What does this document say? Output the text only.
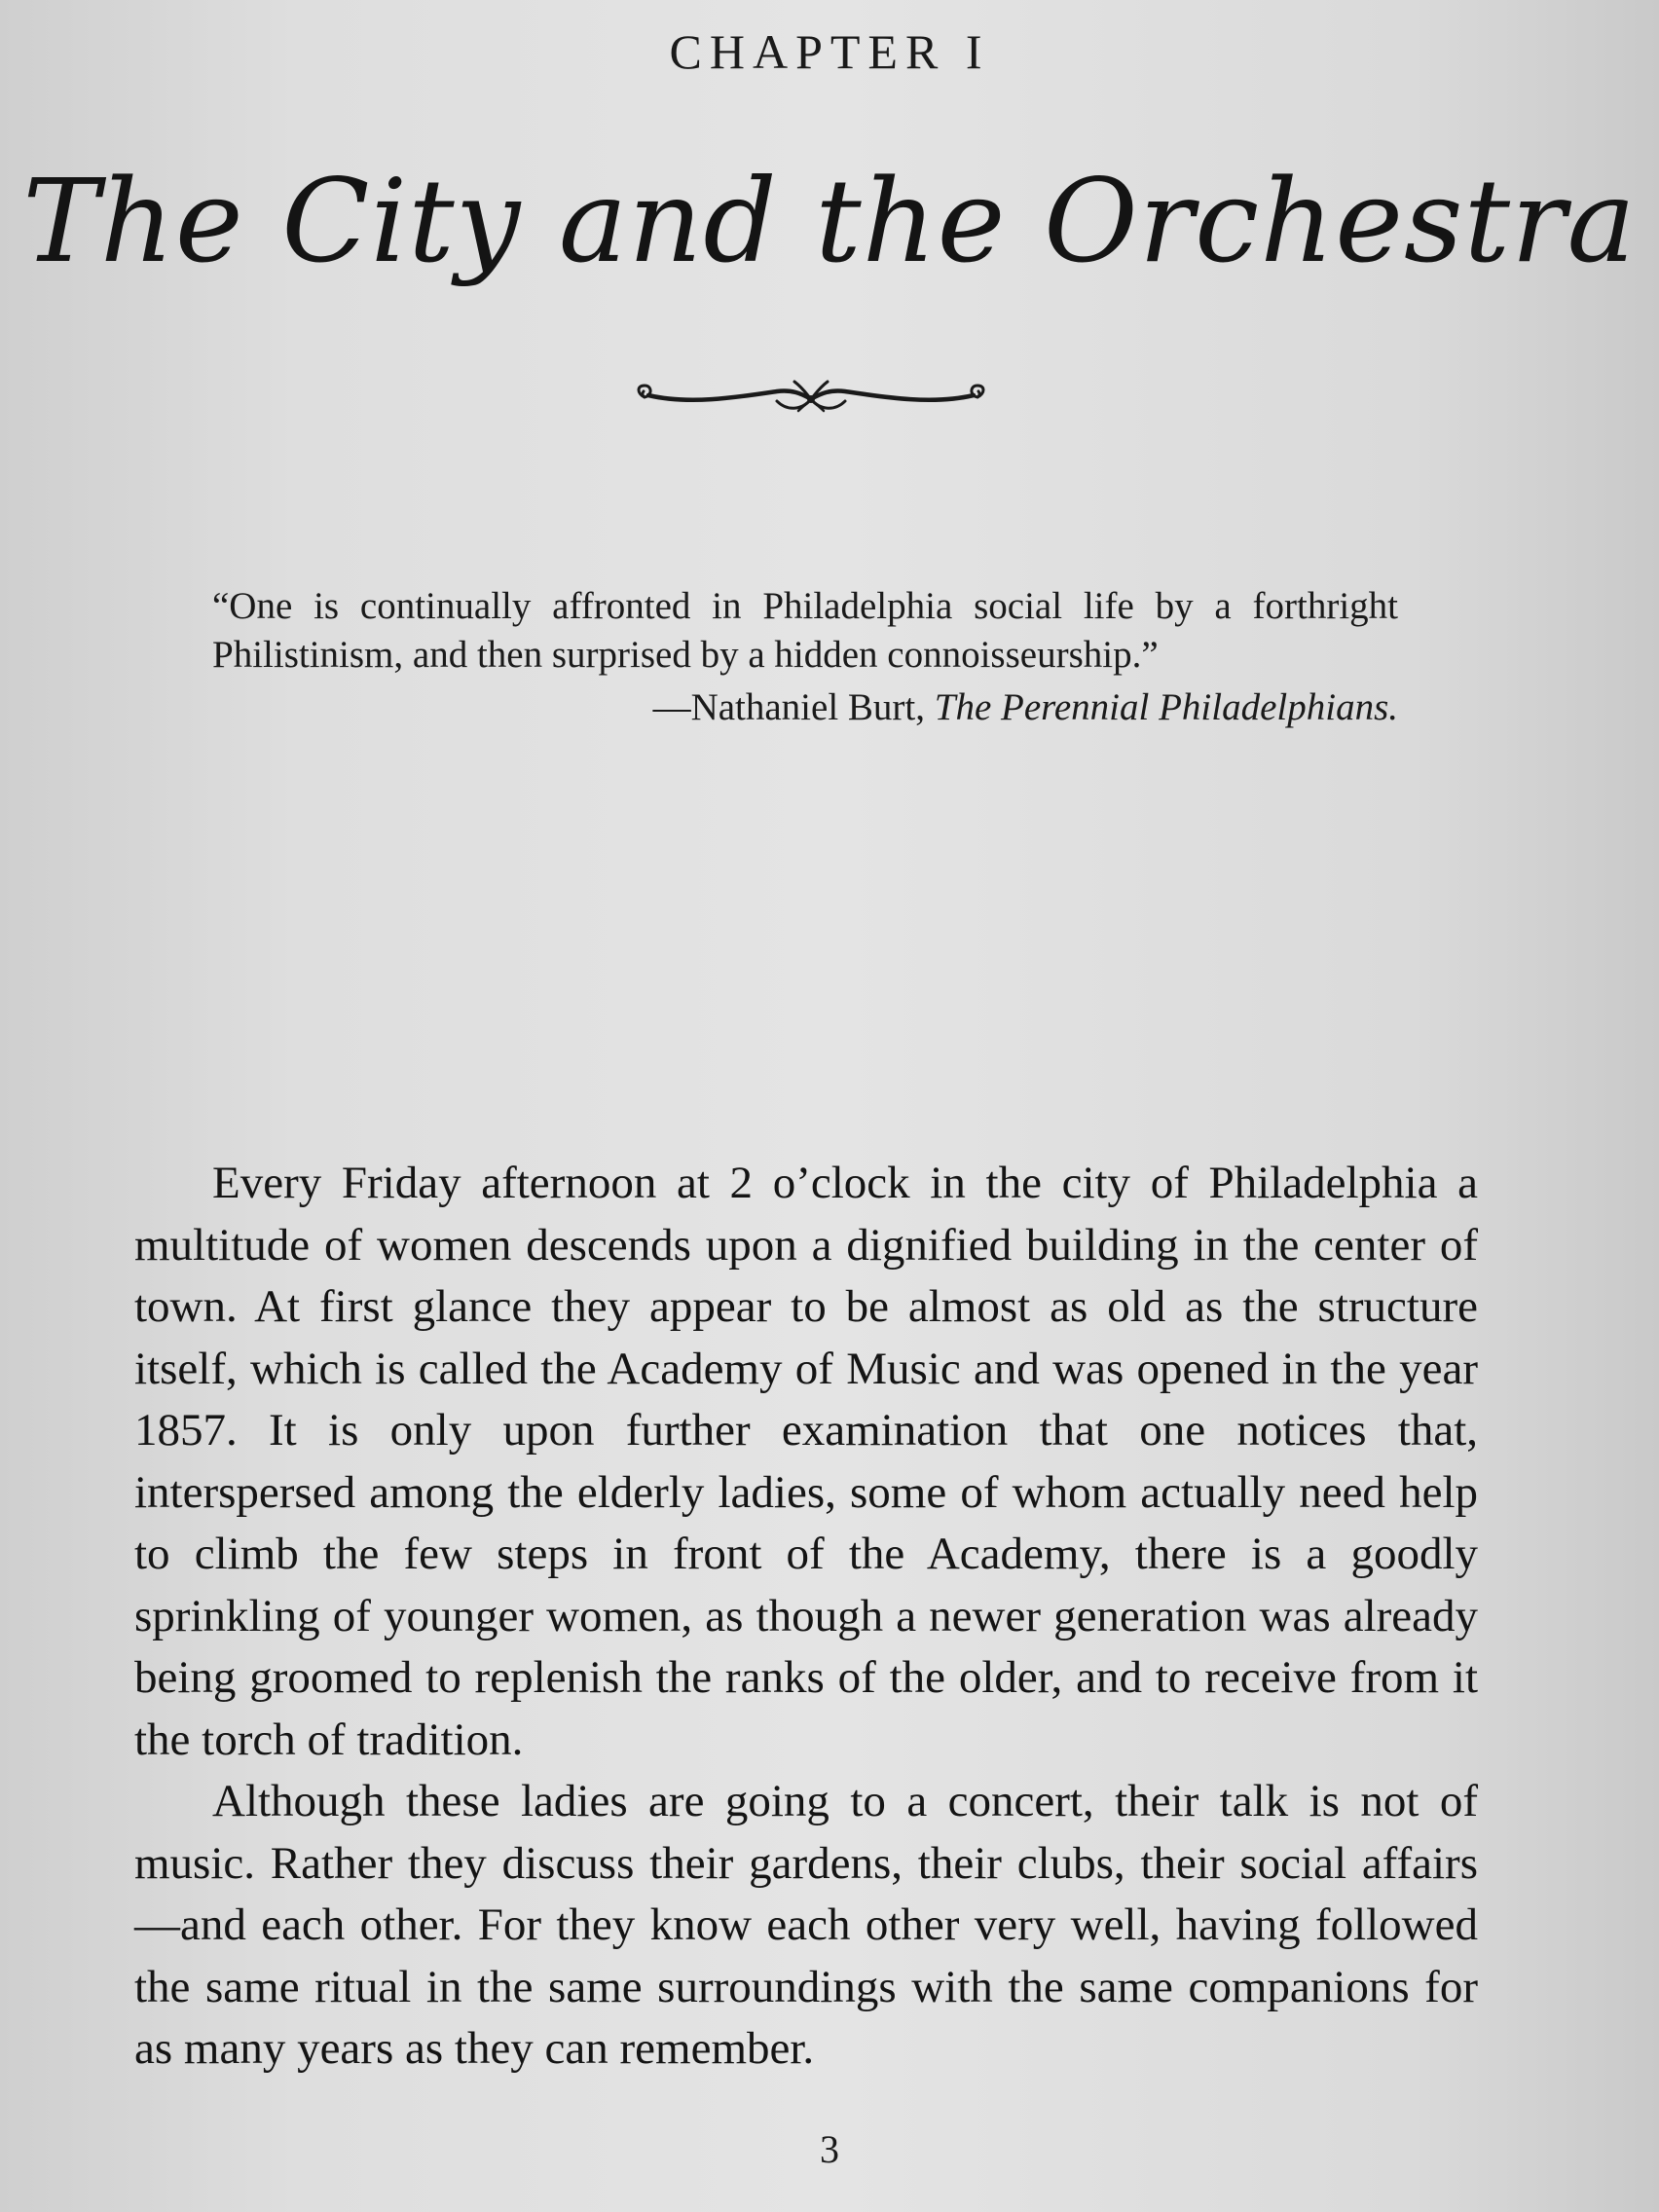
CHAPTER I
The City and the Orchestra
“One is continually affronted in Philadelphia social life by a forthright Philistinism, and then surprised by a hidden connoisseurship.”
—Nathaniel Burt, The Perennial Philadelphians.

Every Friday afternoon at 2 o’clock in the city of Philadelphia a multitude of women descends upon a dignified building in the center of town. At first glance they appear to be almost as old as the structure itself, which is called the Academy of Music and was opened in the year 1857. It is only upon further examination that one notices that, interspersed among the elderly ladies, some of whom actually need help to climb the few steps in front of the Academy, there is a goodly sprinkling of younger women, as though a newer generation was already being groomed to replenish the ranks of the older, and to receive from it the torch of tradition.

Although these ladies are going to a concert, their talk is not of music. Rather they discuss their gardens, their clubs, their social affairs—and each other. For they know each other very well, having followed the same ritual in the same surroundings with the same companions for as many years as they can remember.

3
